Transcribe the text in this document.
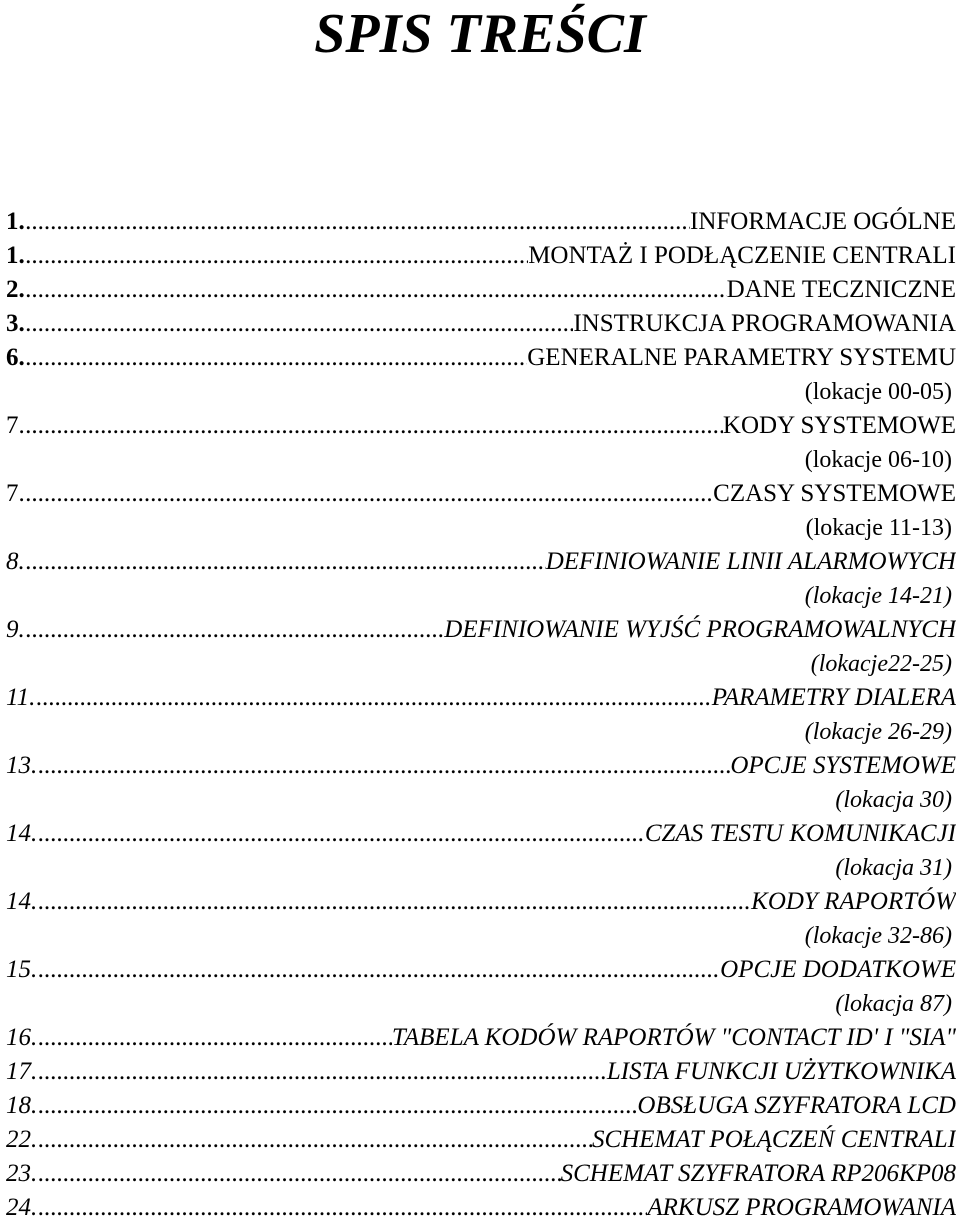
SPIS TREŚCI
1. .....	INFORMACJE OGÓLNE
1. .....	MONTAŻ I PODŁĄCZENIE CENTRALI
2. .....	DANE TECZNICZNE
3. .....	INSTRUKCJA PROGRAMOWANIA
6. .....	GENERALNE PARAMETRY SYSTEMU
(lokacje 00-05)
7. .....	KODY SYSTEMOWE
(lokacje 06-10)
7. .....	CZASY SYSTEMOWE
(lokacje 11-13)
8. .....	DEFINIOWANIE LINII ALARMOWYCH
(lokacje 14-21)
9. .....	DEFINIOWANIE WYJŚĆ PROGRAMOWALNYCH
(lokacje22-25)
11. .....	PARAMETRY DIALERA
(lokacje 26-29)
13. .....	OPCJE SYSTEMOWE
(lokacja 30)
14. .....	CZAS TESTU KOMUNIKACJI
(lokacja 31)
14. .....	KODY RAPORTÓW
(lokacje 32-86)
15. .....	OPCJE DODATKOWE
(lokacja 87)
16. .....	TABELA KODÓW RAPORTÓW "CONTACT ID' I "SIA"
17. .....	LISTA FUNKCJI UŻYTKOWNIKA
18. .....	OBSŁUGA SZYFRATORA LCD
22. .....	SCHEMAT POŁĄCZEŃ CENTRALI
23. .....	SCHEMAT SZYFRATORA RP206KP08
24. .....	ARKUSZ PROGRAMOWANIA
